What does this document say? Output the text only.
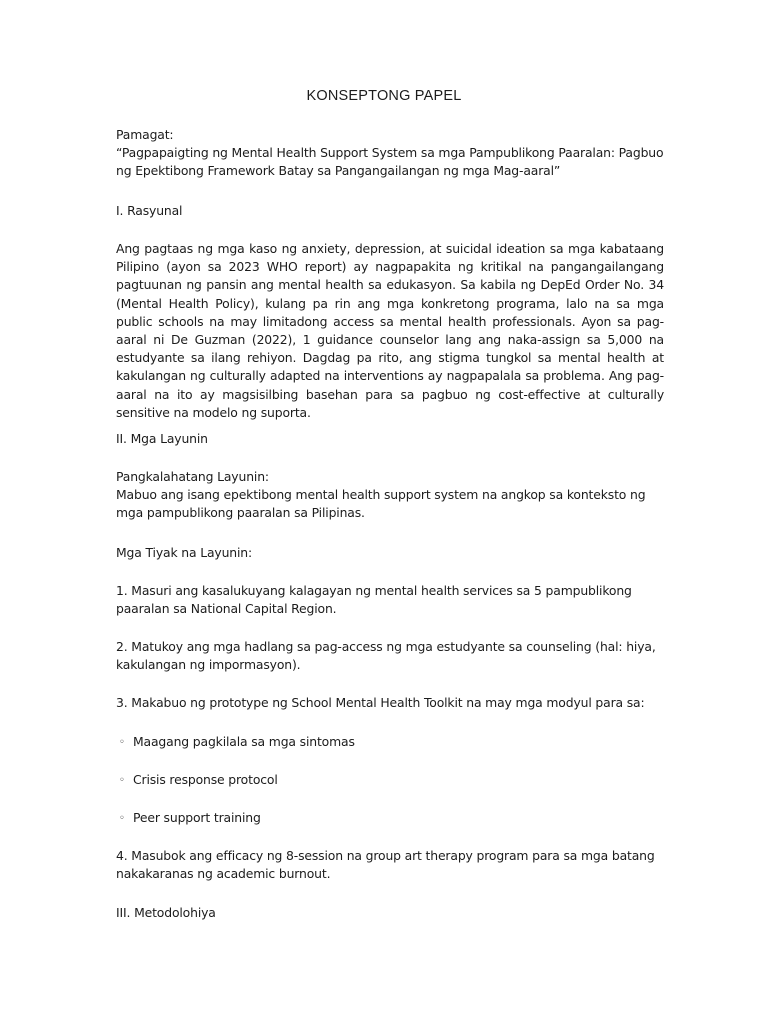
KONSEPTONG PAPEL

Pamagat:

“Pagpapaigting ng Mental Health Support System sa mga Pampublikong Paaralan: Pagbuo ng Epektibong Framework Batay sa Pangangailangan ng mga Mag-aaral”

I. Rasyunal

Ang pagtaas ng mga kaso ng anxiety, depression, at suicidal ideation sa mga kabataang Pilipino (ayon sa 2023 WHO report) ay nagpapakita ng kritikal na pangangailangang pagtuunan ng pansin ang mental health sa edukasyon. Sa kabila ng DepEd Order No. 34 (Mental Health Policy), kulang pa rin ang mga konkretong programa, lalo na sa mga public schools na may limitadong access sa mental health professionals. Ayon sa pag-aaral ni De Guzman (2022), 1 guidance counselor lang ang naka-assign sa 5,000 na estudyante sa ilang rehiyon. Dagdag pa rito, ang stigma tungkol sa mental health at kakulangan ng culturally adapted na interventions ay nagpapalala sa problema. Ang pag-aaral na ito ay magsisilbing basehan para sa pagbuo ng cost-effective at culturally sensitive na modelo ng suporta.

II. Mga Layunin

Pangkalahatang Layunin:

Mabuo ang isang epektibong mental health support system na angkop sa konteksto ng mga pampublikong paaralan sa Pilipinas.

Mga Tiyak na Layunin:

1. Masuri ang kasalukuyang kalagayan ng mental health services sa 5 pampublikong paaralan sa National Capital Region.

2. Matukoy ang mga hadlang sa pag-access ng mga estudyante sa counseling (hal: hiya, kakulangan ng impormasyon).

3. Makabuo ng prototype ng School Mental Health Toolkit na may mga modyul para sa:

◦ Maagang pagkilala sa mga sintomas
◦ Crisis response protocol
◦ Peer support training

4. Masubok ang efficacy ng 8-session na group art therapy program para sa mga batang nakakaranas ng academic burnout.

III. Metodolohiya
